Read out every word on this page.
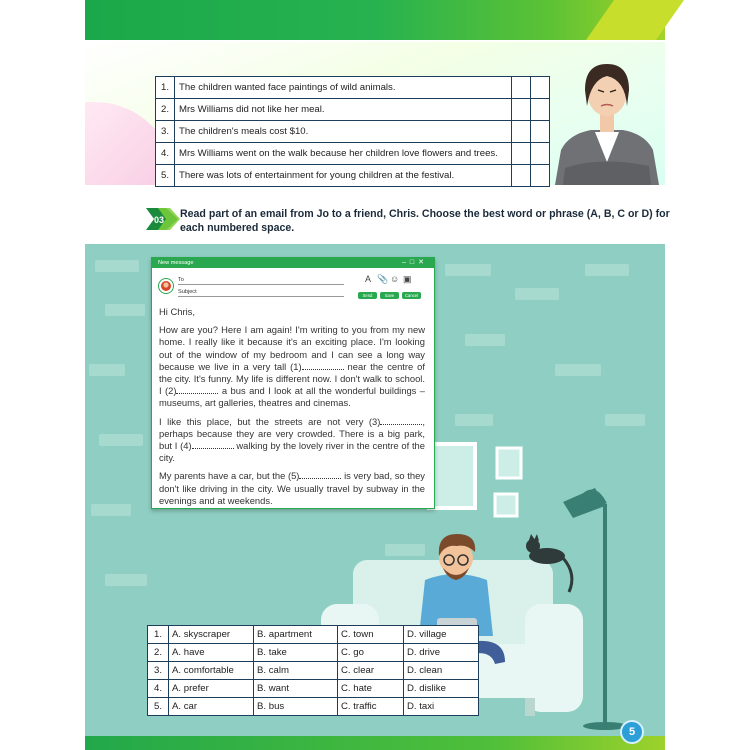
1.	The children wanted face paintings of wild animals.		
2.	Mrs Williams did not like her meal.		
3.	The children's meals cost $10.		
4.	Mrs Williams went on the walk because her children love flowers and trees.		
5.	There was lots of entertainment for young children at the festival.		
03 Read part of an email from Jo to a friend, Chris. Choose the best word or phrase (A, B, C or D) for each numbered space.
New message	–□✕
To
Subject
A 📎 ☺ ▣
Send	Save	Cancel

Hi Chris,

How are you? Here I am again! I'm writing to you from my new home. I really like it because it's an exciting place. I'm looking out of the window of my bedroom and I can see a long way because we live in a very tall (1)	near the centre of the city. It's funny. My life is different now. I don't walk to school. I (2)	a bus and I look at all the wonderful buildings – museums, art galleries, theatres and cinemas.

I like this place, but the streets are not very (3)	, perhaps because they are very crowded. There is a big park, but I (4)	walking by the lovely river in the centre of the city.

My parents have a car, but the (5)	is very bad, so they don't like driving in the city. We usually travel by subway in the evenings and at weekends.

1.	A. skyscraper	B. apartment	C. town	D. village
2.	A. have	B. take	C. go	D. drive
3.	A. comfortable	B. calm	C. clear	D. clean
4.	A. prefer	B. want	C. hate	D. dislike
5.	A. car	B. bus	C. traffic	D. taxi
5
